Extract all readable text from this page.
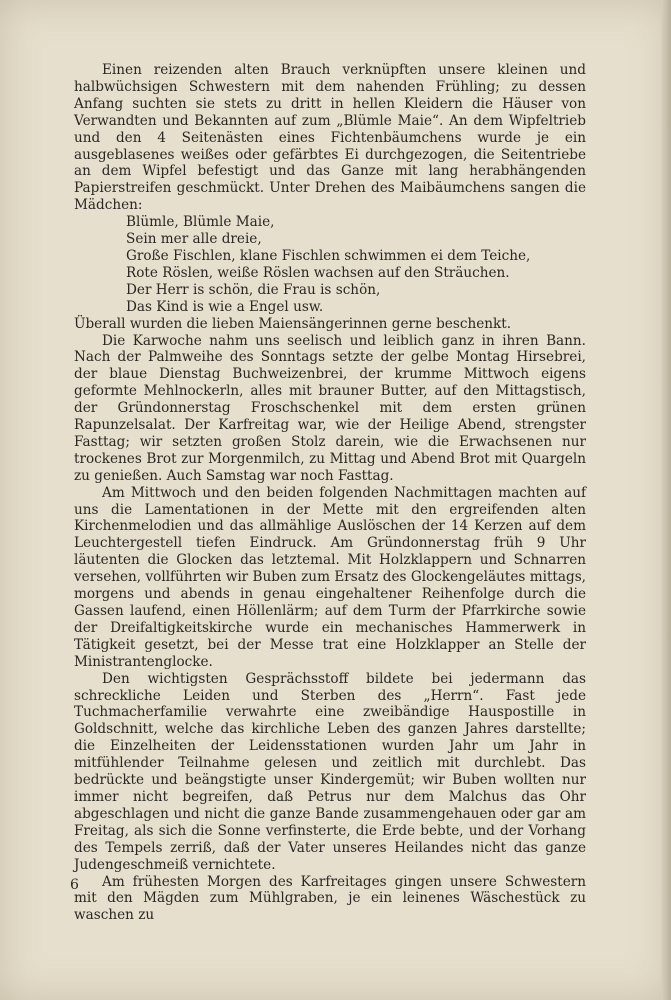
Einen reizenden alten Brauch verknüpften unsere kleinen und halbwüchsigen Schwestern mit dem nahenden Frühling; zu dessen Anfang suchten sie stets zu dritt in hellen Kleidern die Häuser von Verwandten und Bekannten auf zum „Blümle Maie“. An dem Wipfeltrieb und den 4 Seitenästen eines Fichtenbäumchens wurde je ein ausgeblasenes weißes oder gefärbtes Ei durchgezogen, die Seitentriebe an dem Wipfel befestigt und das Ganze mit lang herabhängenden Papierstreifen geschmückt. Unter Drehen des Maibäumchens sangen die Mädchen:

Blümle, Blümle Maie,
Sein mer alle dreie,
Große Fischlen, klane Fischlen schwimmen ei dem Teiche,
Rote Röslen, weiße Röslen wachsen auf den Sträuchen.
Der Herr is schön, die Frau is schön,
Das Kind is wie a Engel usw.

Überall wurden die lieben Maiensängerinnen gerne beschenkt.

Die Karwoche nahm uns seelisch und leiblich ganz in ihren Bann. Nach der Palmweihe des Sonntags setzte der gelbe Montag Hirsebrei, der blaue Dienstag Buchweizenbrei, der krumme Mittwoch eigens geformte Mehlnockerln, alles mit brauner Butter, auf den Mittagstisch, der Gründonnerstag Froschschenkel mit dem ersten grünen Rapunzelsalat. Der Karfreitag war, wie der Heilige Abend, strengster Fasttag; wir setzten großen Stolz darein, wie die Erwachsenen nur trockenes Brot zur Morgenmilch, zu Mittag und Abend Brot mit Quargeln zu genießen. Auch Samstag war noch Fasttag.

Am Mittwoch und den beiden folgenden Nachmittagen machten auf uns die Lamentationen in der Mette mit den ergreifenden alten Kirchenmelodien und das allmählige Auslöschen der 14 Kerzen auf dem Leuchtergestell tiefen Eindruck. Am Gründonnerstag früh 9 Uhr läutenten die Glocken das letztemal. Mit Holzklappern und Schnarren versehen, vollführten wir Buben zum Ersatz des Glockengeläutes mittags, morgens und abends in genau eingehaltener Reihenfolge durch die Gassen laufend, einen Höllenlärm; auf dem Turm der Pfarrkirche sowie der Dreifaltigkeitskirche wurde ein mechanisches Hammerwerk in Tätigkeit gesetzt, bei der Messe trat eine Holzklapper an Stelle der Ministrantenglocke.

Den wichtigsten Gesprächsstoff bildete bei jedermann das schreckliche Leiden und Sterben des „Herrn“. Fast jede Tuchmacherfamilie verwahrte eine zweibändige Hauspostille in Goldschnitt, welche das kirchliche Leben des ganzen Jahres darstellte; die Einzelheiten der Leidensstationen wurden Jahr um Jahr in mitfühlender Teilnahme gelesen und zeitlich mit durchlebt. Das bedrückte und beängstigte unser Kindergemüt; wir Buben wollten nur immer nicht begreifen, daß Petrus nur dem Malchus das Ohr abgeschlagen und nicht die ganze Bande zusammengehauen oder gar am Freitag, als sich die Sonne verfinsterte, die Erde bebte, und der Vorhang des Tempels zerriß, daß der Vater unseres Heilandes nicht das ganze Judengeschmeiß vernichtete.

Am frühesten Morgen des Karfreitages gingen unsere Schwestern mit den Mägden zum Mühlgraben, je ein leinenes Wäschestück zu waschen zu

6
